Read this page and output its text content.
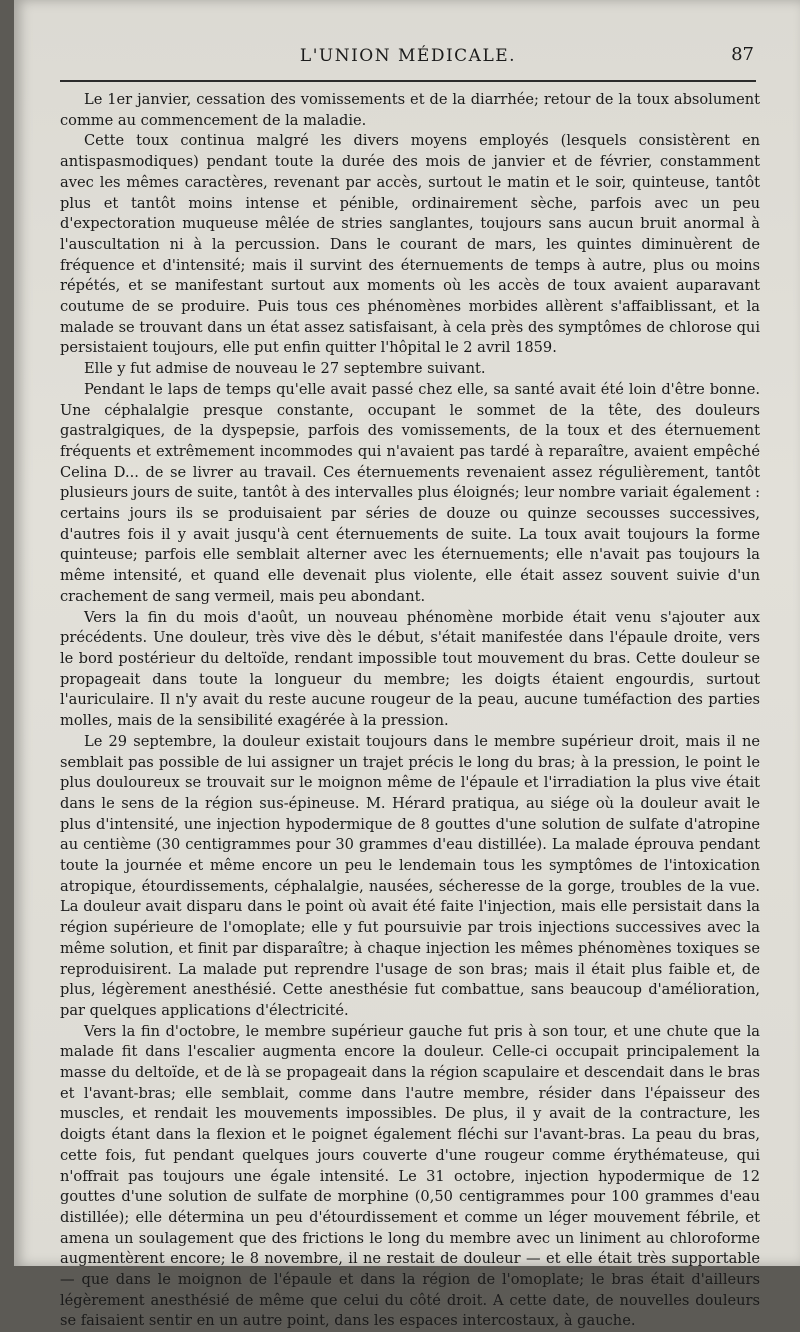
L'UNION MÉDICALE.	87

Le 1er janvier, cessation des vomissements et de la diarrhée; retour de la toux absolument comme au commencement de la maladie.

Cette toux continua malgré les divers moyens employés (lesquels consistèrent en antispasmodiques) pendant toute la durée des mois de janvier et de février, constamment avec les mêmes caractères, revenant par accès, surtout le matin et le soir, quinteuse, tantôt plus et tantôt moins intense et pénible, ordinairement sèche, parfois avec un peu d'expectoration muqueuse mêlée de stries sanglantes, toujours sans aucun bruit anormal à l'auscultation ni à la percussion. Dans le courant de mars, les quintes diminuèrent de fréquence et d'intensité; mais il survint des éternuements de temps à autre, plus ou moins répétés, et se manifestant surtout aux moments où les accès de toux avaient auparavant coutume de se produire. Puis tous ces phénomènes morbides allèrent s'affaiblissant, et la malade se trouvant dans un état assez satisfaisant, à cela près des symptômes de chlorose qui persistaient toujours, elle put enfin quitter l'hôpital le 2 avril 1859.

Elle y fut admise de nouveau le 27 septembre suivant.

Pendant le laps de temps qu'elle avait passé chez elle, sa santé avait été loin d'être bonne. Une céphalalgie presque constante, occupant le sommet de la tête, des douleurs gastralgiques, de la dyspepsie, parfois des vomissements, de la toux et des éternuement fréquents et extrêmement incommodes qui n'avaient pas tardé à reparaître, avaient empêché Celina D... de se livrer au travail. Ces éternuements revenaient assez régulièrement, tantôt plusieurs jours de suite, tantôt à des intervalles plus éloignés; leur nombre variait également : certains jours ils se produisaient par séries de douze ou quinze secousses successives, d'autres fois il y avait jusqu'à cent éternuements de suite. La toux avait toujours la forme quinteuse; parfois elle semblait alterner avec les éternuements; elle n'avait pas toujours la même intensité, et quand elle devenait plus violente, elle était assez souvent suivie d'un crachement de sang vermeil, mais peu abondant.

Vers la fin du mois d'août, un nouveau phénomène morbide était venu s'ajouter aux précédents. Une douleur, très vive dès le début, s'était manifestée dans l'épaule droite, vers le bord postérieur du deltoïde, rendant impossible tout mouvement du bras. Cette douleur se propageait dans toute la longueur du membre; les doigts étaient engourdis, surtout l'auriculaire. Il n'y avait du reste aucune rougeur de la peau, aucune tuméfaction des parties molles, mais de la sensibilité exagérée à la pression.

Le 29 septembre, la douleur existait toujours dans le membre supérieur droit, mais il ne semblait pas possible de lui assigner un trajet précis le long du bras; à la pression, le point le plus douloureux se trouvait sur le moignon même de l'épaule et l'irradiation la plus vive était dans le sens de la région sus-épineuse. M. Hérard pratiqua, au siége où la douleur avait le plus d'intensité, une injection hypodermique de 8 gouttes d'une solution de sulfate d'atropine au centième (30 centigrammes pour 30 grammes d'eau distillée). La malade éprouva pendant toute la journée et même encore un peu le lendemain tous les symptômes de l'intoxication atropique, étourdissements, céphalalgie, nausées, sécheresse de la gorge, troubles de la vue. La douleur avait disparu dans le point où avait été faite l'injection, mais elle persistait dans la région supérieure de l'omoplate; elle y fut poursuivie par trois injections successives avec la même solution, et finit par disparaître; à chaque injection les mêmes phénomènes toxiques se reproduisirent. La malade put reprendre l'usage de son bras; mais il était plus faible et, de plus, légèrement anesthésié. Cette anesthésie fut combattue, sans beaucoup d'amélioration, par quelques applications d'électricité.

Vers la fin d'octobre, le membre supérieur gauche fut pris à son tour, et une chute que la malade fit dans l'escalier augmenta encore la douleur. Celle-ci occupait principalement la masse du deltoïde, et de là se propageait dans la région scapulaire et descendait dans le bras et l'avant-bras; elle semblait, comme dans l'autre membre, résider dans l'épaisseur des muscles, et rendait les mouvements impossibles. De plus, il y avait de la contracture, les doigts étant dans la flexion et le poignet également fléchi sur l'avant-bras. La peau du bras, cette fois, fut pendant quelques jours couverte d'une rougeur comme érythémateuse, qui n'offrait pas toujours une égale intensité. Le 31 octobre, injection hypodermique de 12 gouttes d'une solution de sulfate de morphine (0,50 centigrammes pour 100 grammes d'eau distillée); elle détermina un peu d'étourdissement et comme un léger mouvement fébrile, et amena un soulagement que des frictions le long du membre avec un liniment au chloroforme augmentèrent encore; le 8 novembre, il ne restait de douleur — et elle était très supportable — que dans le moignon de l'épaule et dans la région de l'omoplate; le bras était d'ailleurs légèrement anesthésié de même que celui du côté droit. A cette date, de nouvelles douleurs se faisaient sentir en un autre point, dans les espaces intercostaux, à gauche.
